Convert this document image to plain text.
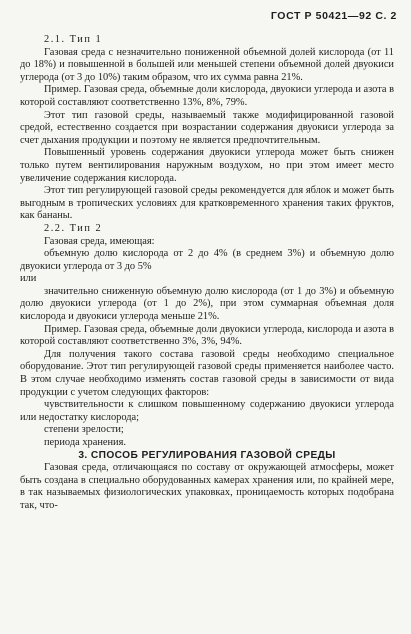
ГОСТ Р 50421—92 С. 2

2.1. Тип 1

Газовая среда с незначительно пониженной объемной долей кислорода (от 11 до 18%) и повышенной в большей или меньшей степени объемной долей двуокиси углерода (от 3 до 10%) таким образом, что их сумма равна 21%.

Пример. Газовая среда, объемные доли кислорода, двуокиси углерода и азота в которой составляют соответственно 13%, 8%, 79%.

Этот тип газовой среды, называемый также модифицированной газовой средой, естественно создается при возрастании содержания двуокиси углерода за счет дыхания продукции и поэтому не является предпочтительным.

Повышенный уровень содержания двуокиси углерода может быть снижен только путем вентилирования наружным воздухом, но при этом имеет место увеличение содержания кислорода.

Этот тип регулирующей газовой среды рекомендуется для яблок и может быть выгодным в тропических условиях для кратковременного хранения таких фруктов, как бананы.

2.2. Тип 2

Газовая среда, имеющая:

объемную долю кислорода от 2 до 4% (в среднем 3%) и объемную долю двуокиси углерода от 3 до 5%

или

значительно сниженную объемную долю кислорода (от 1 до 3%) и объемную долю двуокиси углерода (от 1 до 2%), при этом суммарная объемная доля кислорода и двуокиси углерода меньше 21%.

Пример. Газовая среда, объемные доли двуокиси углерода, кислорода и азота в которой составляют соответственно 3%, 3%, 94%.

Для получения такого состава газовой среды необходимо специальное оборудование. Этот тип регулирующей газовой среды применяется наиболее часто. В этом случае необходимо изменять состав газовой среды в зависимости от вида продукции с учетом следующих факторов:

чувствительности к слишком повышенному содержанию двуокиси углерода или недостатку кислорода;

степени зрелости;

периода хранения.

3. СПОСОБ РЕГУЛИРОВАНИЯ ГАЗОВОЙ СРЕДЫ

Газовая среда, отличающаяся по составу от окружающей атмосферы, может быть создана в специально оборудованных камерах хранения или, по крайней мере, в так называемых физиологических упаковках, проницаемость которых подобрана так, что-
